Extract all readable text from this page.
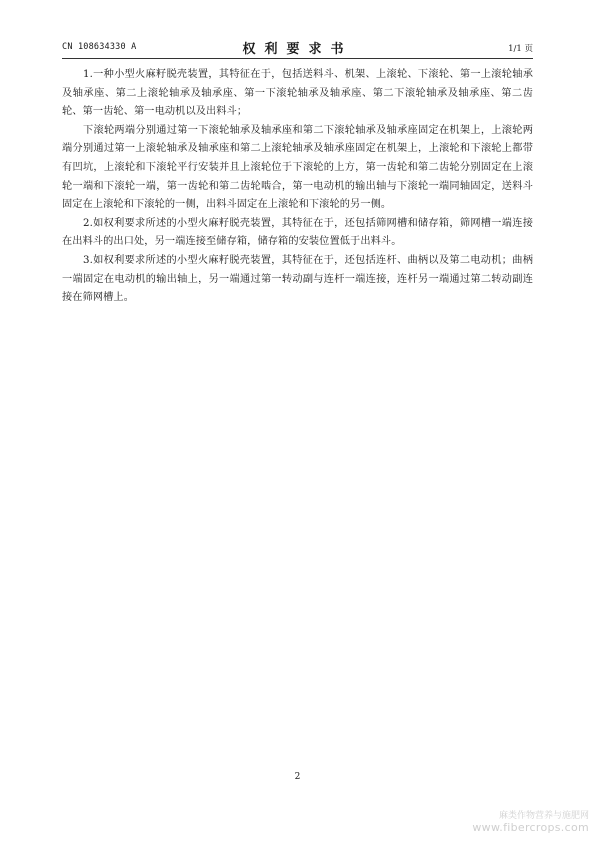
CN 108634330 A	权利要求书	1/1 页

1.一种小型火麻籽脱壳装置，其特征在于，包括送料斗、机架、上滚轮、下滚轮、第一上滚轮轴承及轴承座、第二上滚轮轴承及轴承座、第一下滚轮轴承及轴承座、第二下滚轮轴承及轴承座、第二齿轮、第一齿轮、第一电动机以及出料斗；

下滚轮两端分别通过第一下滚轮轴承及轴承座和第二下滚轮轴承及轴承座固定在机架上，上滚轮两端分别通过第一上滚轮轴承及轴承座和第二上滚轮轴承及轴承座固定在机架上，上滚轮和下滚轮上都带有凹坑，上滚轮和下滚轮平行安装并且上滚轮位于下滚轮的上方，第一齿轮和第二齿轮分别固定在上滚轮一端和下滚轮一端，第一齿轮和第二齿轮啮合，第一电动机的输出轴与下滚轮一端同轴固定，送料斗固定在上滚轮和下滚轮的一侧，出料斗固定在上滚轮和下滚轮的另一侧。

2.如权利要求所述的小型火麻籽脱壳装置，其特征在于，还包括筛网槽和储存箱，筛网槽一端连接在出料斗的出口处，另一端连接至储存箱，储存箱的安装位置低于出料斗。

3.如权利要求所述的小型火麻籽脱壳装置，其特征在于，还包括连杆、曲柄以及第二电动机；曲柄一端固定在电动机的输出轴上，另一端通过第一转动副与连杆一端连接，连杆另一端通过第二转动副连接在筛网槽上。

2
麻类作物营养与施肥网
www.fibercrops.com
